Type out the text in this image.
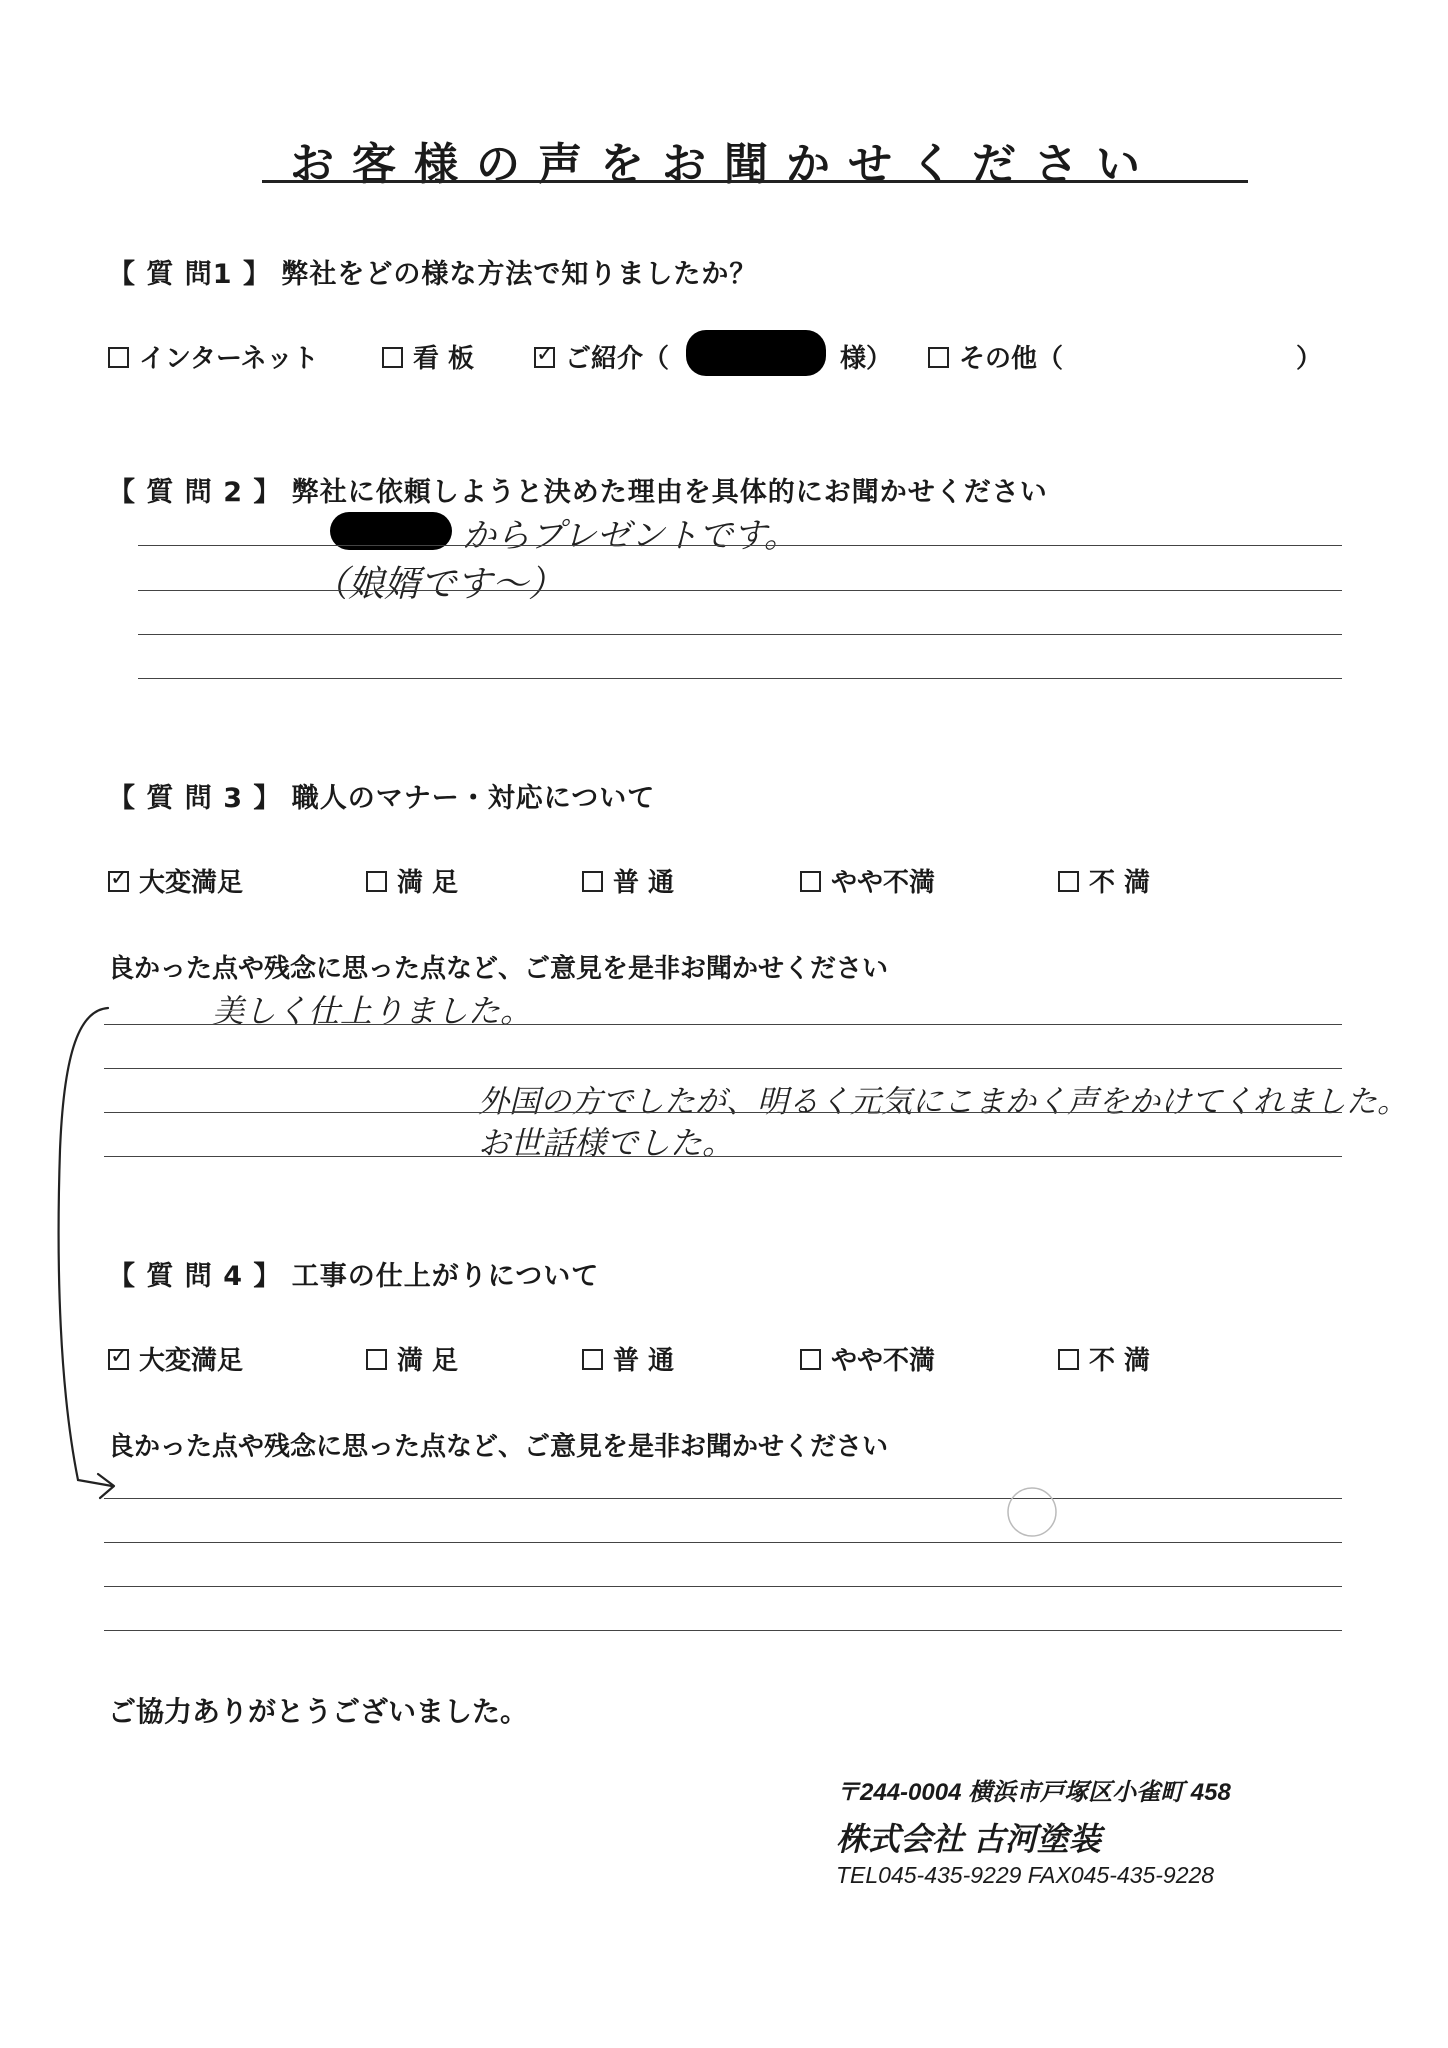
お客様の声をお聞かせください
【 質 問1 】 弊社をどの様な方法で知りましたか？
インターネット	看 板 ✓	ご紹介（	様）	その他（	）
【 質 問 2 】 弊社に依頼しようと決めた理由を具体的にお聞かせください
からプレゼントです。
（娘婿です〜）
【 質 問 3 】 職人のマナー・対応について
✓大変満足	満 足	普 通	やや不満	不 満
良かった点や残念に思った点など、ご意見を是非お聞かせください
美しく仕上りました。
外国の方でしたが、明るく元気にこまかく声をかけてくれました。
お世話様でした。
【 質 問 4 】 工事の仕上がりについて
✓大変満足	満 足	普 通	やや不満	不 満
良かった点や残念に思った点など、ご意見を是非お聞かせください
ご協力ありがとうございました。
〒244-0004 横浜市戸塚区小雀町 458
株式会社 古河塗装
TEL045-435-9229 FAX045-435-9228
